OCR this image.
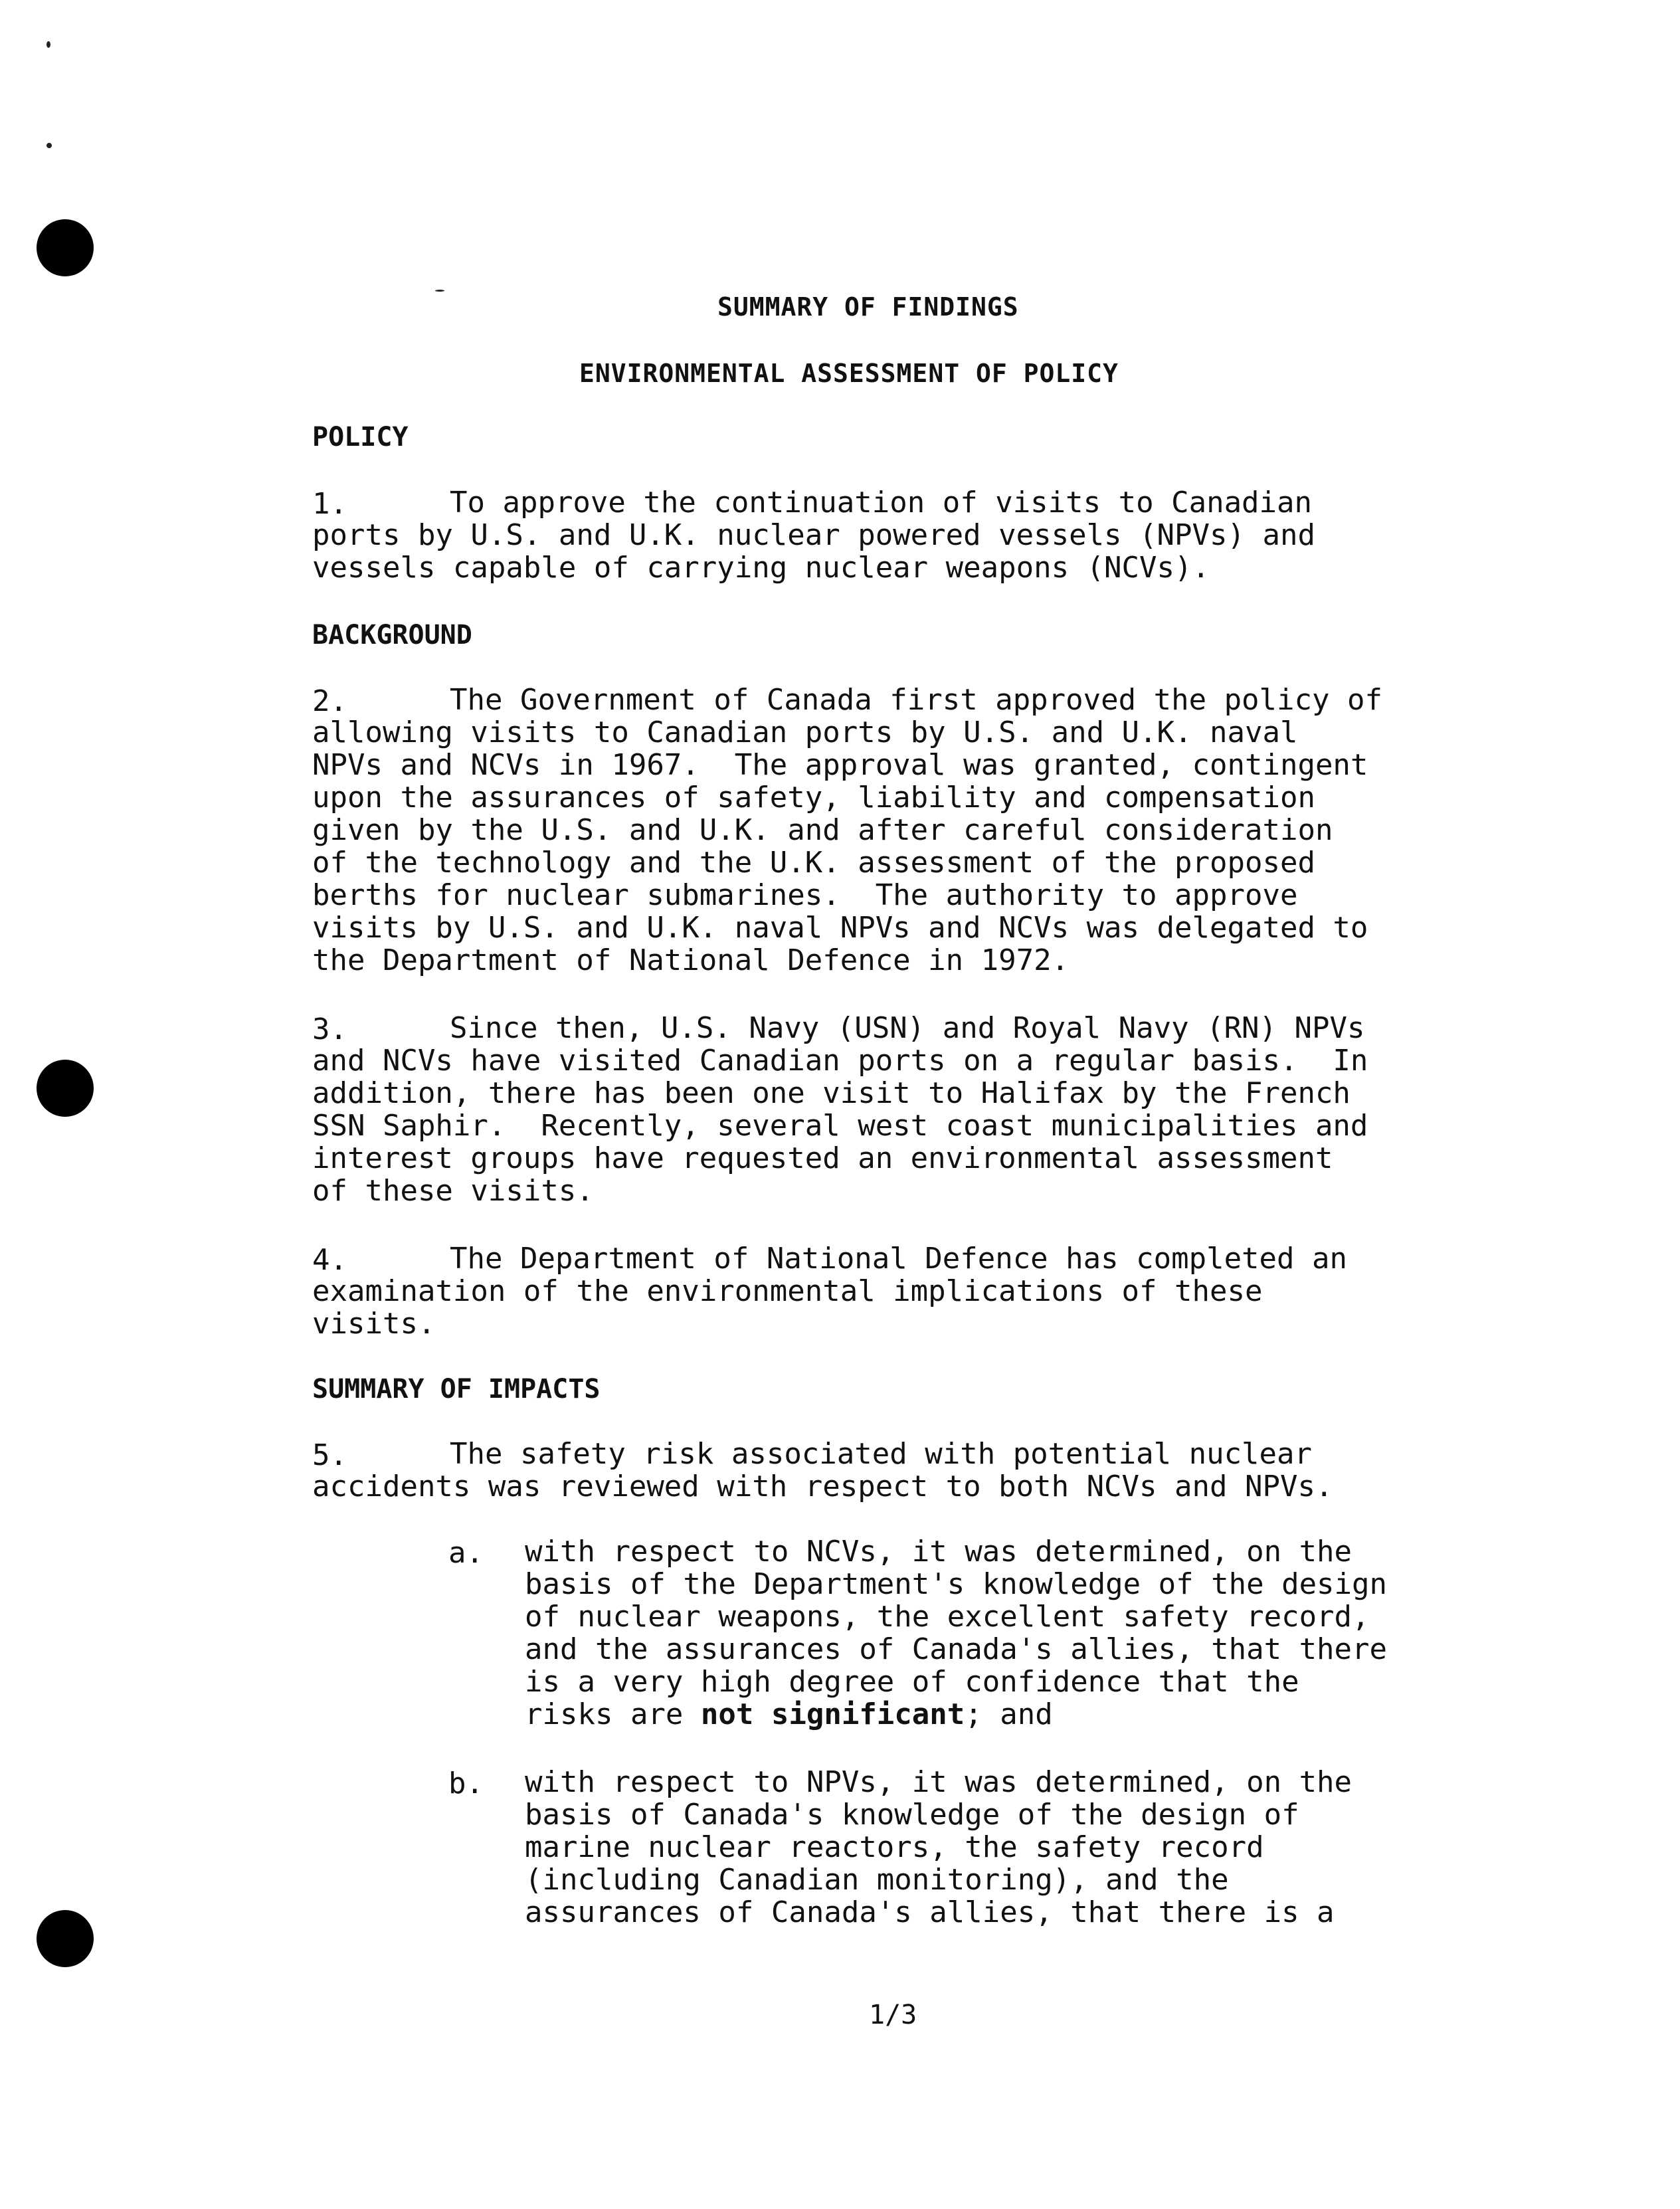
SUMMARY OF FINDINGS
ENVIRONMENTAL ASSESSMENT OF POLICY
POLICY
1.	To approve the continuation of visits to Canadian
ports by U.S. and U.K. nuclear powered vessels (NPVs) and
vessels capable of carrying nuclear weapons (NCVs).
BACKGROUND
2.	The Government of Canada first approved the policy of
allowing visits to Canadian ports by U.S. and U.K. naval
NPVs and NCVs in 1967.  The approval was granted, contingent
upon the assurances of safety, liability and compensation
given by the U.S. and U.K. and after careful consideration
of the technology and the U.K. assessment of the proposed
berths for nuclear submarines.  The authority to approve
visits by U.S. and U.K. naval NPVs and NCVs was delegated to
the Department of National Defence in 1972.
3.	Since then, U.S. Navy (USN) and Royal Navy (RN) NPVs
and NCVs have visited Canadian ports on a regular basis.  In
addition, there has been one visit to Halifax by the French
SSN Saphir.  Recently, several west coast municipalities and
interest groups have requested an environmental assessment
of these visits.
4.	The Department of National Defence has completed an
examination of the environmental implications of these
visits.
SUMMARY OF IMPACTS
5.	The safety risk associated with potential nuclear
accidents was reviewed with respect to both NCVs and NPVs.
a. with respect to NCVs, it was determined, on the
basis of the Department's knowledge of the design
of nuclear weapons, the excellent safety record,
and the assurances of Canada's allies, that there
is a very high degree of confidence that the
risks are not significant; and
b. with respect to NPVs, it was determined, on the
basis of Canada's knowledge of the design of
marine nuclear reactors, the safety record
(including Canadian monitoring), and the
assurances of Canada's allies, that there is a
1/3
